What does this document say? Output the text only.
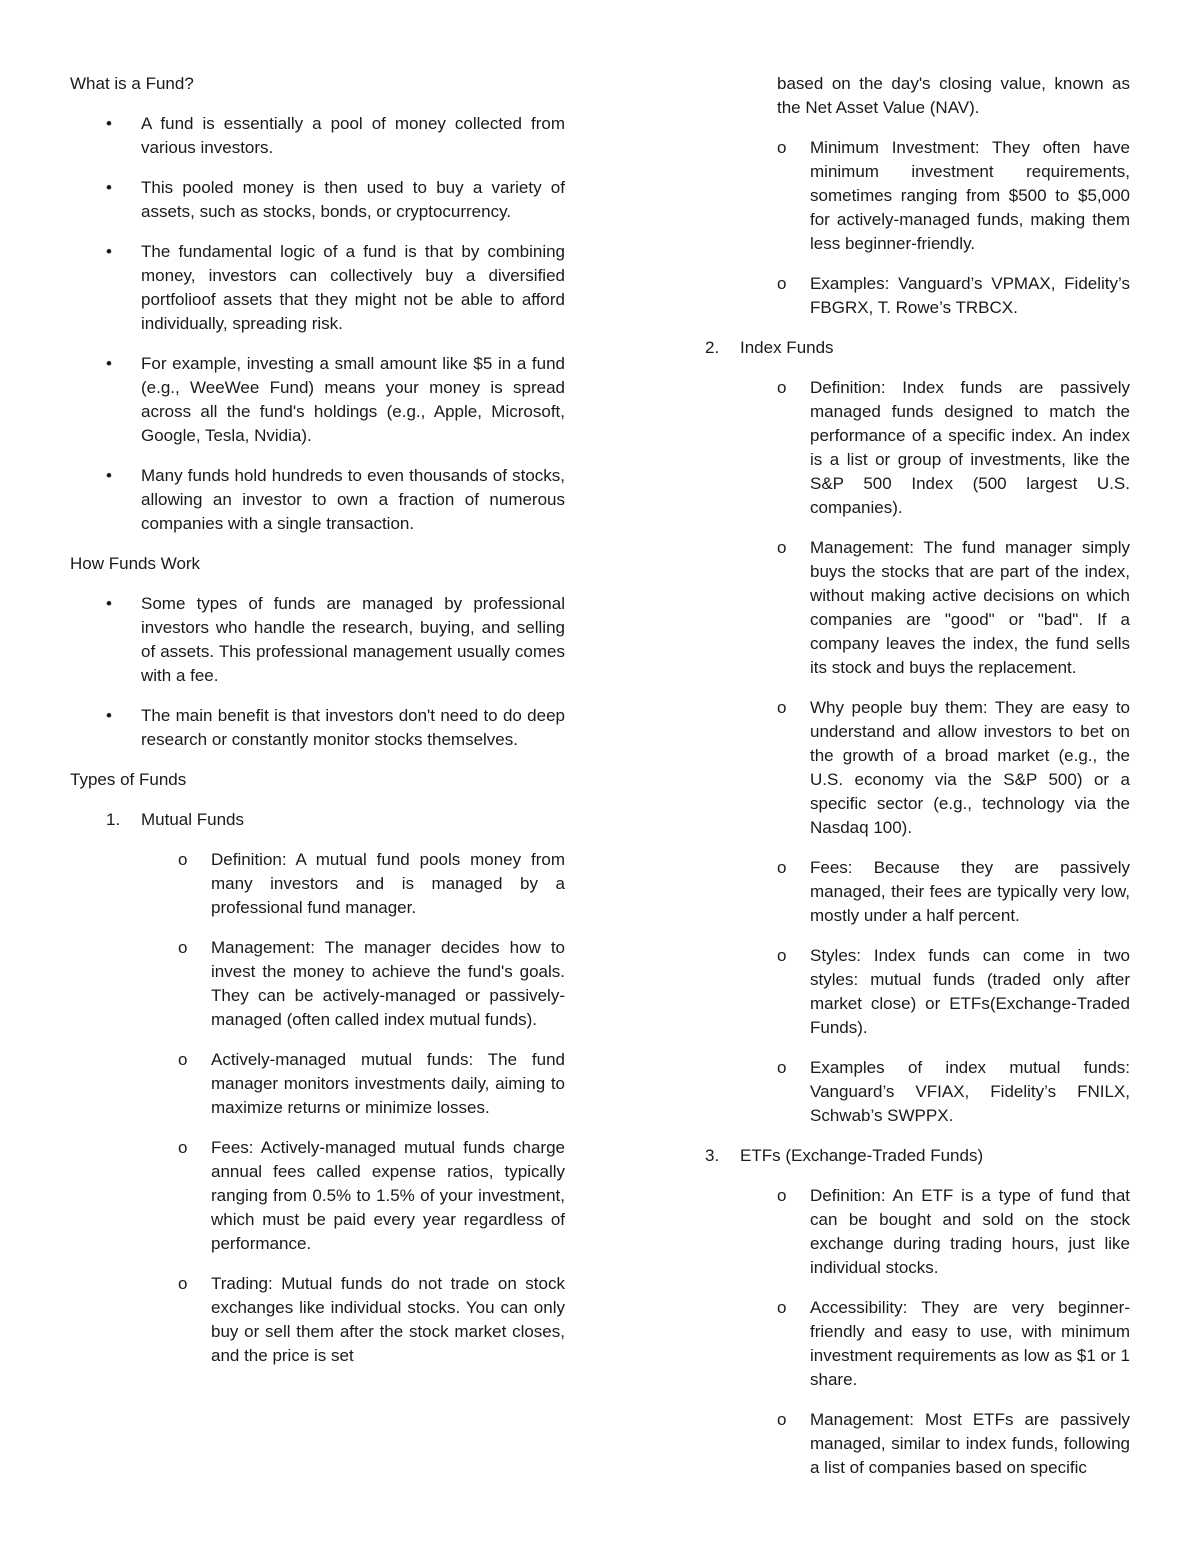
What is a Fund?

• A fund is essentially a pool of money collected from various investors.
• This pooled money is then used to buy a variety of assets, such as stocks, bonds, or cryptocurrency.
• The fundamental logic of a fund is that by combining money, investors can collectively buy a diversified portfolioof assets that they might not be able to afford individually, spreading risk.
• For example, investing a small amount like $5 in a fund (e.g., WeeWee Fund) means your money is spread across all the fund's holdings (e.g., Apple, Microsoft, Google, Tesla, Nvidia).
• Many funds hold hundreds to even thousands of stocks, allowing an investor to own a fraction of numerous companies with a single transaction.

How Funds Work

• Some types of funds are managed by professional investors who handle the research, buying, and selling of assets. This professional management usually comes with a fee.
• The main benefit is that investors don't need to do deep research or constantly monitor stocks themselves.

Types of Funds

1. Mutual Funds
o Definition: A mutual fund pools money from many investors and is managed by a professional fund manager.
o Management: The manager decides how to invest the money to achieve the fund's goals. They can be actively-managed or passively-managed (often called index mutual funds).
o Actively-managed mutual funds: The fund manager monitors investments daily, aiming to maximize returns or minimize losses.
o Fees: Actively-managed mutual funds charge annual fees called expense ratios, typically ranging from 0.5% to 1.5% of your investment, which must be paid every year regardless of performance.
o Trading: Mutual funds do not trade on stock exchanges like individual stocks. You can only buy or sell them after the stock market closes, and the price is set

based on the day's closing value, known as the Net Asset Value (NAV).

o Minimum Investment: They often have minimum investment requirements, sometimes ranging from $500 to $5,000 for actively-managed funds, making them less beginner-friendly.
o Examples: Vanguard’s VPMAX, Fidelity’s FBGRX, T. Rowe’s TRBCX.
2. Index Funds
o Definition: Index funds are passively managed funds designed to match the performance of a specific index. An index is a list or group of investments, like the S&P 500 Index (500 largest U.S. companies).
o Management: The fund manager simply buys the stocks that are part of the index, without making active decisions on which companies are "good" or "bad". If a company leaves the index, the fund sells its stock and buys the replacement.
o Why people buy them: They are easy to understand and allow investors to bet on the growth of a broad market (e.g., the U.S. economy via the S&P 500) or a specific sector (e.g., technology via the Nasdaq 100).
o Fees: Because they are passively managed, their fees are typically very low, mostly under a half percent.
o Styles: Index funds can come in two styles: mutual funds (traded only after market close) or ETFs(Exchange-Traded Funds).
o Examples of index mutual funds: Vanguard’s VFIAX, Fidelity’s FNILX, Schwab’s SWPPX.
3. ETFs (Exchange-Traded Funds)
o Definition: An ETF is a type of fund that can be bought and sold on the stock exchange during trading hours, just like individual stocks.
o Accessibility: They are very beginner-friendly and easy to use, with minimum investment requirements as low as $1 or 1 share.
o Management: Most ETFs are passively managed, similar to index funds, following a list of companies based on specific
